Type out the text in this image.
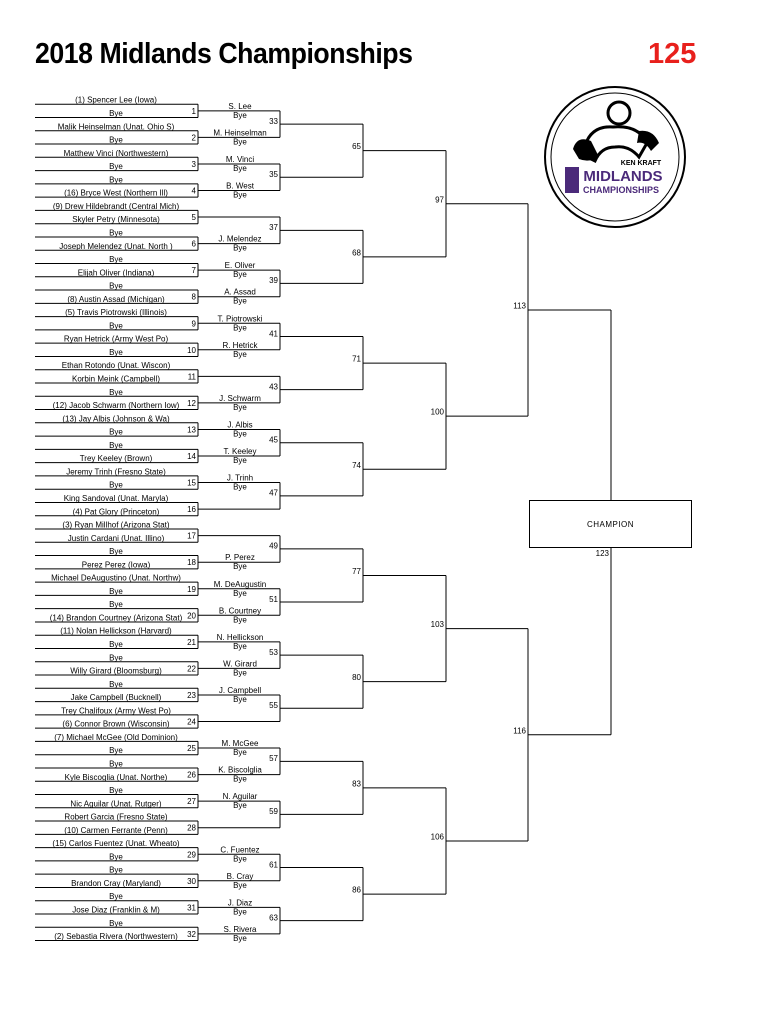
2018 Midlands Championships	125
(1) Spencer Lee (Iowa)
Bye	1
Malik Heinselman (Unat. Ohio S)
Bye	2
Matthew Vinci (Northwestern)
Bye	3
Bye
(16) Bryce West (Northern Ill)	4
(9) Drew Hildebrandt (Central Mich)
Skyler Petry (Minnesota)	5
Bye
Joseph Melendez (Unat. North ) 6
Bye
Elijah Oliver (Indiana)	7
Bye
(8) Austin Assad (Michigan)	8
(5) Travis Piotrowski (Illinois)
Bye	9
Ryan Hetrick (Army West Po)
Bye	10
Ethan Rotondo (Unat. Wiscon)
Korbin Meink (Campbell)	11
Bye
(12) Jacob Schwarm (Northern Iow) 12
(13) Jay Albis (Johnson & Wa)
Bye	13
Bye
Trey Keeley (Brown)	14
Jeremy Trinh (Fresno State)
Bye	15
King Sandoval (Unat. Maryla)
(4) Pat Glory (Princeton)	16
(3) Ryan Millhof (Arizona Stat)
Justin Cardani (Unat. Illino)	17
Bye
Perez Perez (Iowa)	18
Michael DeAugustino (Unat. Northw)
Bye	19
Bye
(14) Brandon Courtney (Arizona Stat) 20
(11) Nolan Hellickson (Harvard)
Bye	21
Bye
Willy Girard (Bloomsburg)	22
Bye
Jake Campbell (Bucknell)	23
Trey Chalifoux (Army West Po)
(6) Connor Brown (Wisconsin) 24
(7) Michael McGee (Old Dominion)
Bye	25
Bye
Kyle Biscoglia (Unat. Northe) 26
Bye
Nic Aguilar (Unat. Rutger)	27
Robert Garcia (Fresno State)
(10) Carmen Ferrante (Penn) 28
(15) Carlos Fuentez (Unat. Wheato)
Bye	29
Bye
Brandon Cray (Maryland)	30
Bye
Jose Diaz (Franklin & M)	31
Bye
(2) Sebastia Rivera (Northwestern) 32
S. Lee
Bye
M. Heinselman
Bye
33
M. Vinci
Bye
B. West
Bye
35
J. Melendez
Bye
37
E. Oliver
Bye
A. Assad
Bye
39
T. Piotrowski
Bye
R. Hetrick
Bye
41
J. Schwarm
Bye
43
J. Albis
Bye
T. Keeley
Bye
45
J. Trinh
Bye
47
P. Perez
Bye
49
M. DeAugustin
Bye
B. Courtney
Bye
51
N. Hellickson
Bye
W. Girard
Bye
53
J. Campbell
Bye
55
M. McGee
Bye
K. Biscolglia
Bye
57
N. Aguilar
Bye
59
C. Fuentez
Bye
B. Cray
Bye
61
J. Diaz
Bye
S. Rivera
Bye
63
65
68
71
74
77
80
83
86
97
100
103
106
113
116
123
CHAMPION
KEN KRAFT
MIDLANDS
CHAMPIONSHIPS
